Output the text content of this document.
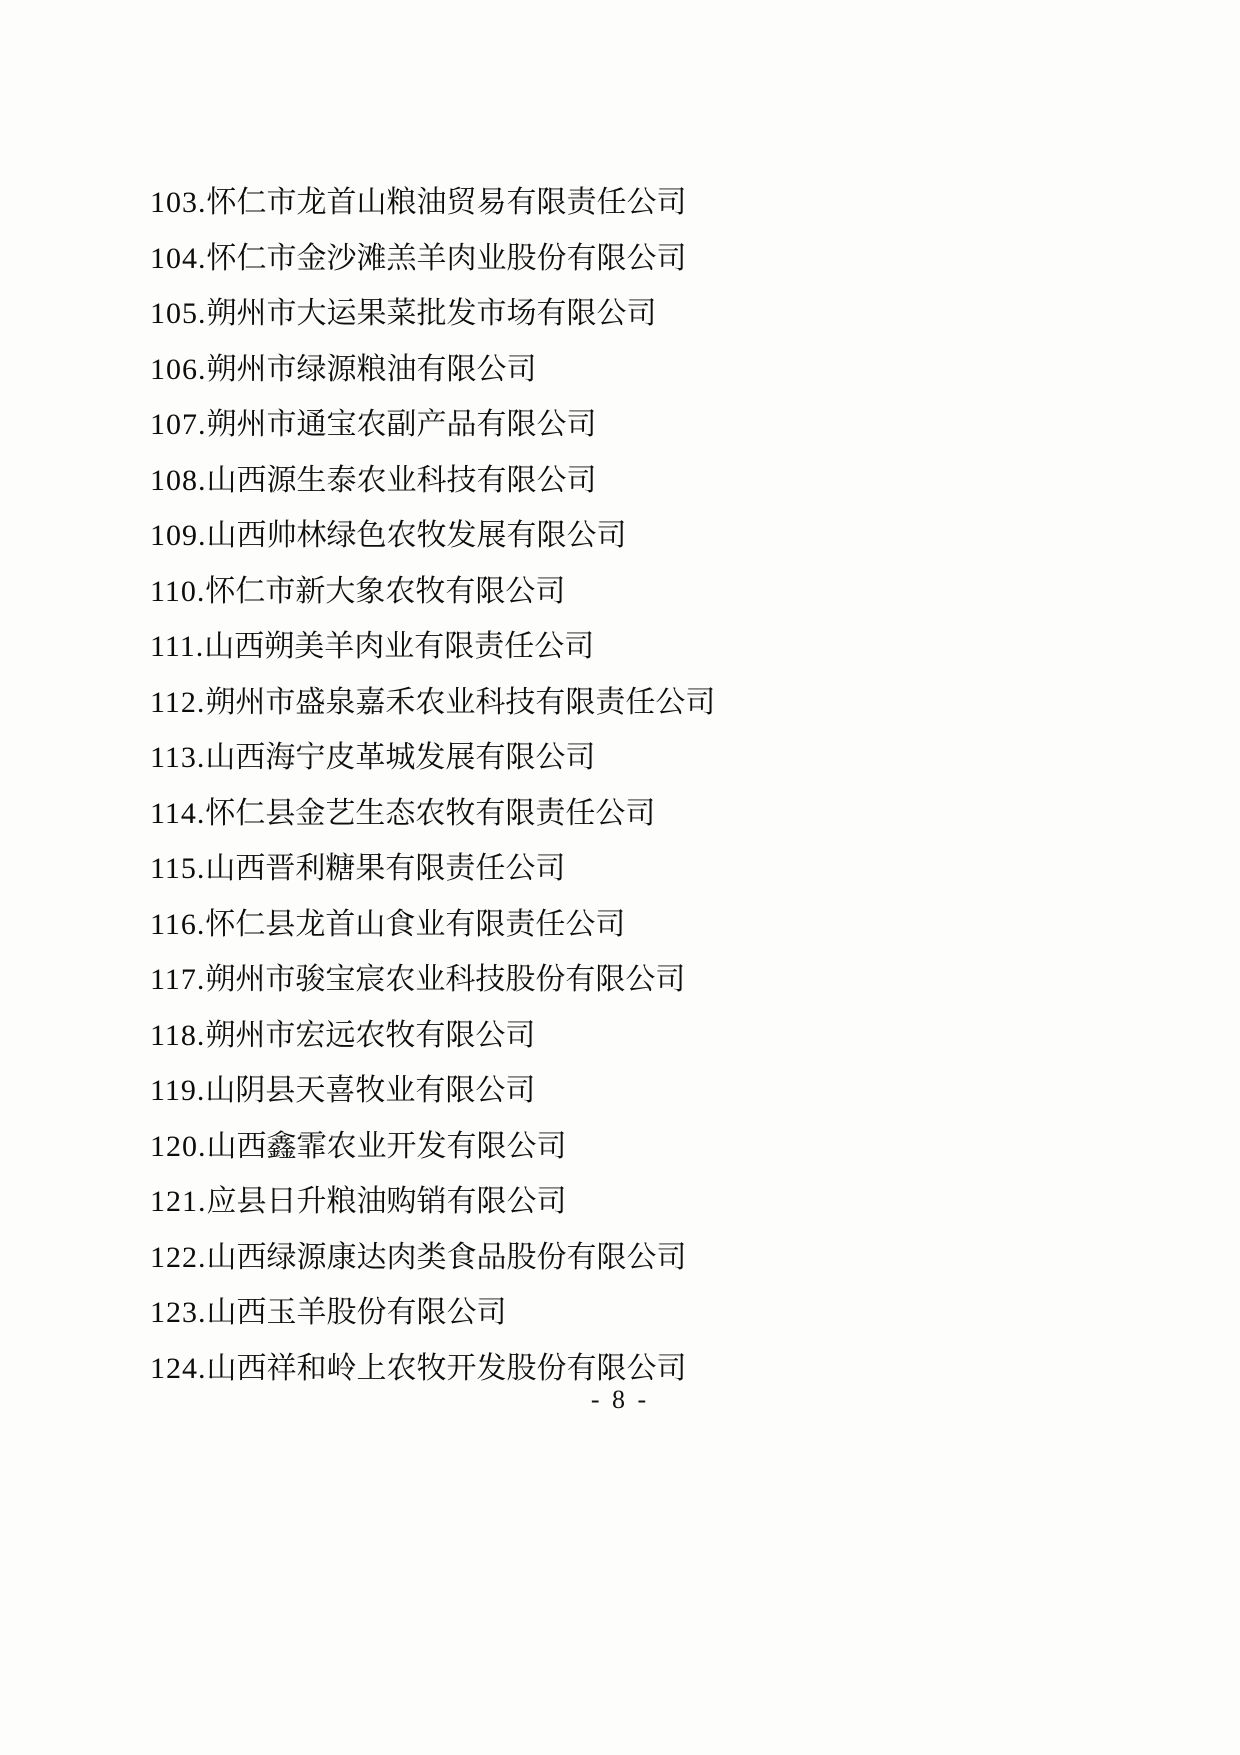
103.怀仁市龙首山粮油贸易有限责任公司
104.怀仁市金沙滩羔羊肉业股份有限公司
105.朔州市大运果菜批发市场有限公司
106.朔州市绿源粮油有限公司
107.朔州市通宝农副产品有限公司
108.山西源生泰农业科技有限公司
109.山西帅林绿色农牧发展有限公司
110.怀仁市新大象农牧有限公司
111.山西朔美羊肉业有限责任公司
112.朔州市盛泉嘉禾农业科技有限责任公司
113.山西海宁皮革城发展有限公司
114.怀仁县金艺生态农牧有限责任公司
115.山西晋利糖果有限责任公司
116.怀仁县龙首山食业有限责任公司
117.朔州市骏宝宸农业科技股份有限公司
118.朔州市宏远农牧有限公司
119.山阴县天喜牧业有限公司
120.山西鑫霏农业开发有限公司
121.应县日升粮油购销有限公司
122.山西绿源康达肉类食品股份有限公司
123.山西玉羊股份有限公司
124.山西祥和岭上农牧开发股份有限公司
- 8 -
